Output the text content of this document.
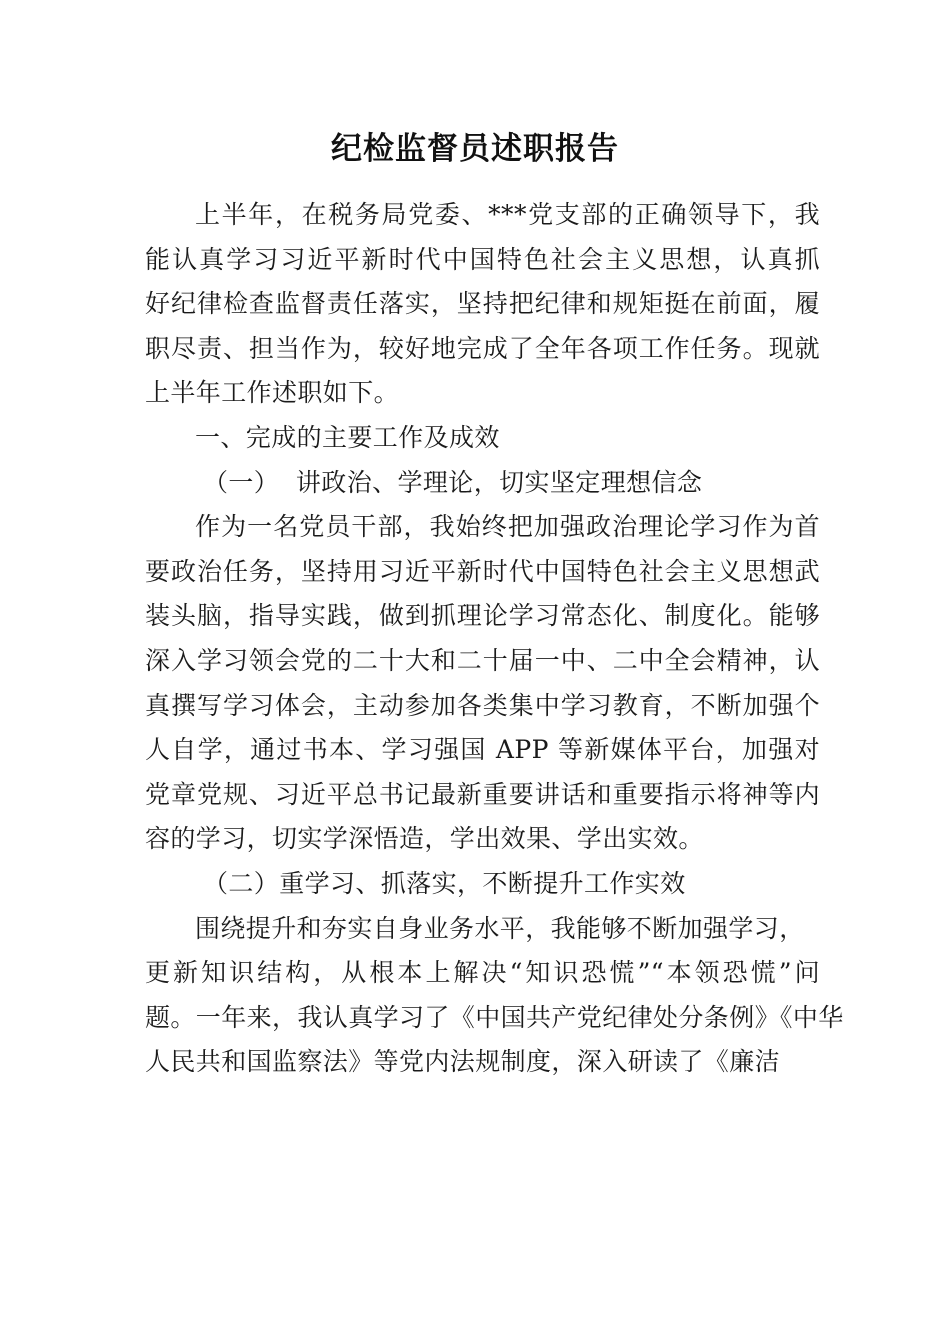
纪检监督员述职报告
上半年，在税务局党委、***党支部的正确领导下，我
能认真学习习近平新时代中国特色社会主义思想，认真抓
好纪律检查监督责任落实，坚持把纪律和规矩挺在前面，履
职尽责、担当作为，较好地完成了全年各项工作任务。现就
上半年工作述职如下。
一、完成的主要工作及成效
（一）  讲政治、学理论，切实坚定理想信念
作为一名党员干部，我始终把加强政治理论学习作为首
要政治任务，坚持用习近平新时代中国特色社会主义思想武
装头脑，指导实践，做到抓理论学习常态化、制度化。能够
深入学习领会党的二十大和二十届一中、二中全会精神，认
真撰写学习体会，主动参加各类集中学习教育，不断加强个
人自学，通过书本、学习强国 APP 等新媒体平台，加强对
党章党规、习近平总书记最新重要讲话和重要指示将神等内
容的学习，切实学深悟造，学出效果、学出实效。
（二）重学习、抓落实，不断提升工作实效
围绕提升和夯实自身业务水平，我能够不断加强学习，
更新知识结构，从根本上解决“知识恐慌”“本领恐慌”问
题。一年来，我认真学习了《中国共产党纪律处分条例》《中华
人民共和国监察法》等党内法规制度，深入研读了《廉洁
